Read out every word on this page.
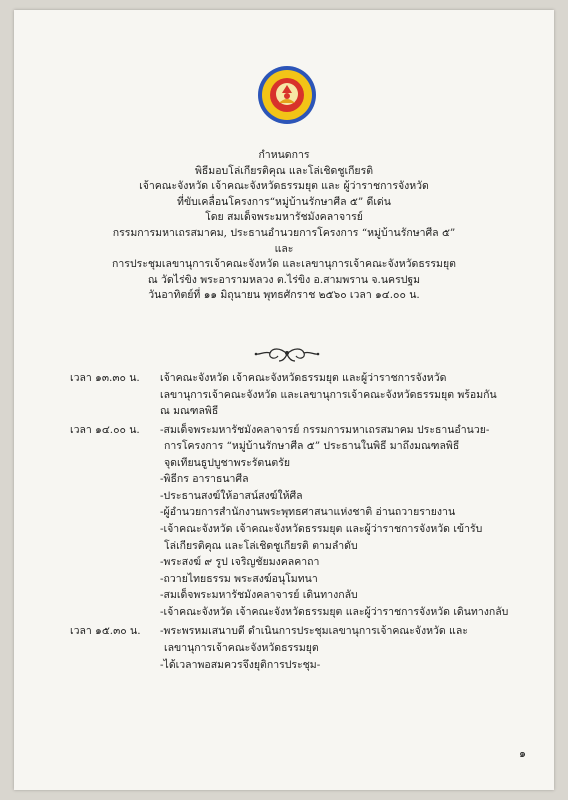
กำหนดการ
พิธีมอบโล่เกียรติคุณ และโล่เชิดชูเกียรติ
เจ้าคณะจังหวัด เจ้าคณะจังหวัดธรรมยุต และ ผู้ว่าราชการจังหวัด
ที่ขับเคลื่อนโครงการ“หมู่บ้านรักษาศีล ๕” ดีเด่น
โดย สมเด็จพระมหารัชมังคลาจารย์
กรรมการมหาเถรสมาคม, ประธานอำนวยการโครงการ “หมู่บ้านรักษาศีล ๕”
และ
การประชุมเลขานุการเจ้าคณะจังหวัด และเลขานุการเจ้าคณะจังหวัดธรรมยุต
ณ วัดไร่ขิง พระอารามหลวง ต.ไร่ขิง อ.สามพราน จ.นครปฐม
วันอาทิตย์ที่ ๑๑ มิถุนายน พุทธศักราช ๒๕๖๐ เวลา ๑๔.๐๐ น.
เวลา ๑๓.๓๐ น.	เจ้าคณะจังหวัด เจ้าคณะจังหวัดธรรมยุต และผู้ว่าราชการจังหวัด
เลขานุการเจ้าคณะจังหวัด และเลขานุการเจ้าคณะจังหวัดธรรมยุต พร้อมกัน
ณ มณฑลพิธี
เวลา ๑๔.๐๐ น.	-สมเด็จพระมหารัชมังคลาจารย์ กรรมการมหาเถรสมาคม ประธานอำนวย-
การโครงการ “หมู่บ้านรักษาศีล ๕” ประธานในพิธี มาถึงมณฑลพิธี
จุดเทียนธูปบูชาพระรัตนตรัย
-พิธีกร อาราธนาศีล
-ประธานสงฆ์ให้อาสน์สงฆ์ให้ศีล
-ผู้อำนวยการสำนักงานพระพุทธศาสนาแห่งชาติ อ่านถวายรายงาน
-เจ้าคณะจังหวัด เจ้าคณะจังหวัดธรรมยุต และผู้ว่าราชการจังหวัด เข้ารับ
โล่เกียรติคุณ และโล่เชิดชูเกียรติ ตามลำดับ
-พระสงฆ์ ๙ รูป เจริญชัยมงคลคาถา
-ถวายไทยธรรม พระสงฆ์อนุโมทนา
-สมเด็จพระมหารัชมังคลาจารย์ เดินทางกลับ
-เจ้าคณะจังหวัด เจ้าคณะจังหวัดธรรมยุต และผู้ว่าราชการจังหวัด เดินทางกลับ
เวลา ๑๕.๓๐ น.	-พระพรหมเสนาบดี ดำเนินการประชุมเลขานุการเจ้าคณะจังหวัด และ
เลขานุการเจ้าคณะจังหวัดธรรมยุต
-ได้เวลาพอสมควรจึงยุติการประชุม-
๑
